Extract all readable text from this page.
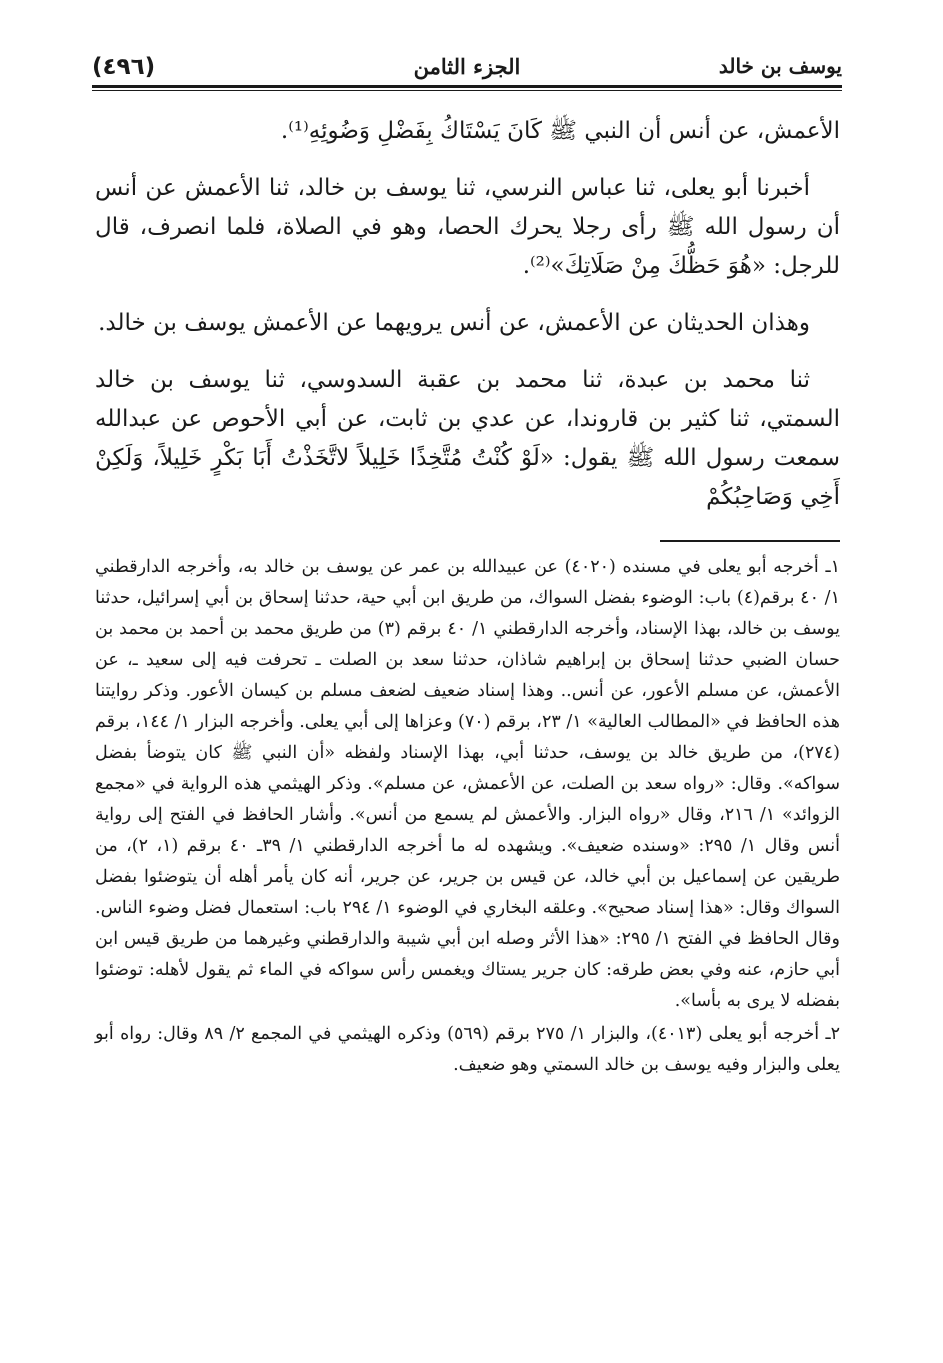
(٤٩٦)	الجزء الثامن	يوسف بن خالد

الأعمش، عن أنس أن النبي ﷺ كَانَ يَسْتَاكُ بِفَضْلِ وَضُوئِهِ⁽¹⁾.

أخبرنا أبو يعلى، ثنا عباس النرسي، ثنا يوسف بن خالد، ثنا الأعمش عن أنس أن رسول الله ﷺ رأى رجلا يحرك الحصا، وهو في الصلاة، فلما انصرف، قال للرجل: «هُوَ حَظُّكَ مِنْ صَلَاتِكَ»⁽²⁾.

وهذان الحديثان عن الأعمش، عن أنس يرويهما عن الأعمش يوسف بن خالد.

ثنا محمد بن عبدة، ثنا محمد بن عقبة السدوسي، ثنا يوسف بن خالد السمتي، ثنا كثير بن قاروندا، عن عدي بن ثابت، عن أبي الأحوص عن عبدالله سمعت رسول الله ﷺ يقول: «لَوْ كُنْتُ مُتَّخِذًا خَلِيلاً لاتَّخَذْتُ أَبَا بَكْرٍ خَلِيلاً، وَلَكِنْ أَخِي وَصَاحِبُكُمْ

١ـ أخرجه أبو يعلى في مسنده (٤٠٢٠) عن عبيدالله بن عمر عن يوسف بن خالد به، وأخرجه الدارقطني ١/ ٤٠ برقم(٤) باب: الوضوء بفضل السواك، من طريق ابن أبي حية، حدثنا إسحاق بن أبي إسرائيل، حدثنا يوسف بن خالد، بهذا الإسناد، وأخرجه الدارقطني ١/ ٤٠ برقم (٣) من طريق محمد بن أحمد بن محمد بن حسان الضبي حدثنا إسحاق بن إبراهيم شاذان، حدثنا سعد بن الصلت ـ تحرفت فيه إلى سعيد ـ، عن الأعمش، عن مسلم الأعور، عن أنس.. وهذا إسناد ضعيف لضعف مسلم بن كيسان الأعور. وذكر روايتنا هذه الحافظ في «المطالب العالية» ١/ ٢٣، برقم (٧٠) وعزاها إلى أبي يعلى. وأخرجه البزار ١/ ١٤٤، برقم (٢٧٤)، من طريق خالد بن يوسف، حدثنا أبي، بهذا الإسناد ولفظه «أن النبي ﷺ كان يتوضأ بفضل سواكه». وقال: «رواه سعد بن الصلت، عن الأعمش، عن مسلم». وذكر الهيثمي هذه الرواية في «مجمع الزوائد» ١/ ٢١٦، وقال «رواه البزار. والأعمش لم يسمع من أنس». وأشار الحافظ في الفتح إلى رواية أنس وقال ١/ ٢٩٥: «وسنده ضعيف». ويشهده له ما أخرجه الدارقطني ١/ ٣٩ـ ٤٠ برقم (١، ٢)، من طريقين عن إسماعيل بن أبي خالد، عن قيس بن جرير، عن جرير، أنه كان يأمر أهله أن يتوضئوا بفضل السواك وقال: «هذا إسناد صحيح». وعلقه البخاري في الوضوء ١/ ٢٩٤ باب: استعمال فضل وضوء الناس. وقال الحافظ في الفتح ١/ ٢٩٥: «هذا الأثر وصله ابن أبي شيبة والدارقطني وغيرهما من طريق قيس ابن أبي حازم، عنه وفي بعض طرقه: كان جرير يستاك ويغمس رأس سواكه في الماء ثم يقول لأهله: توضئوا بفضله لا يرى به بأسا».

٢ـ أخرجه أبو يعلى (٤٠١٣)، والبزار ١/ ٢٧٥ برقم (٥٦٩) وذكره الهيثمي في المجمع ٢/ ٨٩ وقال: رواه أبو يعلى والبزار وفيه يوسف بن خالد السمتي وهو ضعيف.
